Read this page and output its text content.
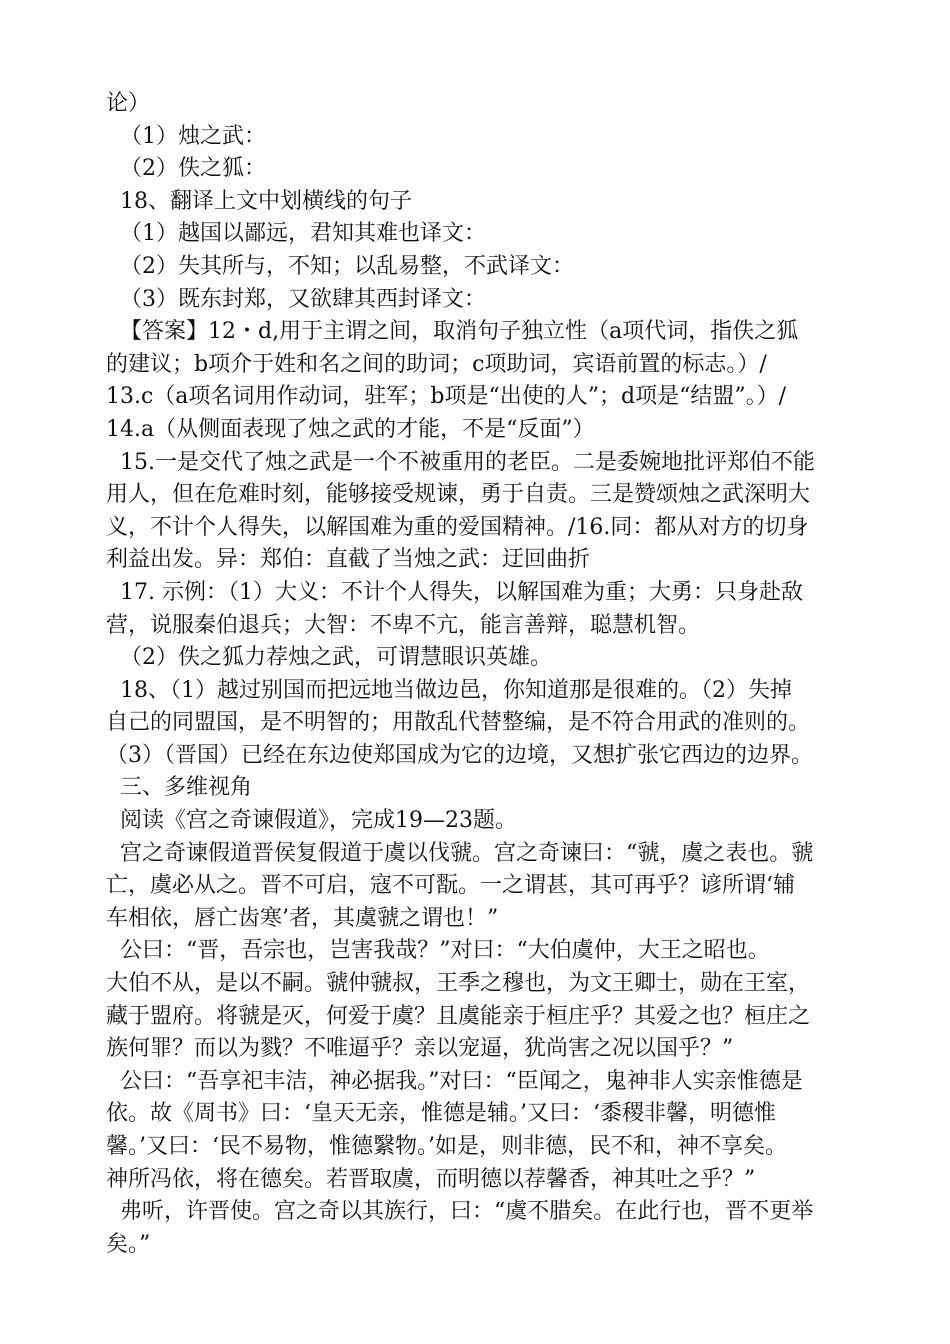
论）
（1）烛之武：
（2）佚之狐：
18、翻译上文中划横线的句子
（1）越国以鄙远，君知其难也译文：
（2）失其所与，不知；以乱易整，不武译文：
（3）既东封郑，又欲肆其西封译文：
【答案】12・d,用于主谓之间，取消句子独立性（a项代词，指佚之狐
的建议；b项介于姓和名之间的助词；c项助词，宾语前置的标志。）/
13.c（a项名词用作动词，驻军；b项是“出使的人”；d项是“结盟”。）/
14.a（从侧面表现了烛之武的才能，不是“反面”）
15.一是交代了烛之武是一个不被重用的老臣。二是委婉地批评郑伯不能
用人，但在危难时刻，能够接受规谏，勇于自责。三是赞颂烛之武深明大
义，不计个人得失，以解国难为重的爱国精神。/16.同：都从对方的切身
利益出发。异：郑伯：直截了当烛之武：迂回曲折
17. 示例：（1）大义：不计个人得失，以解国难为重；大勇：只身赴敌
营，说服秦伯退兵；大智：不卑不亢，能言善辩，聪慧机智。
（2）佚之狐力荐烛之武，可谓慧眼识英雄。
18、（1）越过别国而把远地当做边邑，你知道那是很难的。（2）失掉
自己的同盟国，是不明智的；用散乱代替整编，是不符合用武的准则的。
（3）（晋国）已经在东边使郑国成为它的边境，又想扩张它西边的边界。
三、多维视角
阅读《宫之奇谏假道》，完成19—23题。
宫之奇谏假道晋侯复假道于虞以伐虢。宫之奇谏曰：“虢，虞之表也。虢
亡，虞必从之。晋不可启，寇不可翫。一之谓甚，其可再乎？谚所谓‘辅
车相依，唇亡齿寒’者，其虞虢之谓也！”
公曰：“晋，吾宗也，岂害我哉？”对曰：“大伯虞仲，大王之昭也。
大伯不从，是以不嗣。虢仲虢叔，王季之穆也，为文王卿士，勋在王室，
藏于盟府。将虢是灭，何爱于虞？且虞能亲于桓庄乎？其爱之也？桓庄之
族何罪？而以为戮？不唯逼乎？亲以宠逼，犹尚害之况以国乎？”
公曰：“吾享祀丰洁，神必据我。”对曰：“臣闻之，鬼神非人实亲惟德是
依。故《周书》曰：‘皇天无亲，惟德是辅。’又曰：‘黍稷非馨，明德惟
馨。’又曰：‘民不易物，惟德繄物。’如是，则非德，民不和，神不享矣。
神所冯依，将在德矣。若晋取虞，而明德以荐馨香，神其吐之乎？”
弗听，许晋使。宫之奇以其族行，曰：“虞不腊矣。在此行也，晋不更举
矣。”
